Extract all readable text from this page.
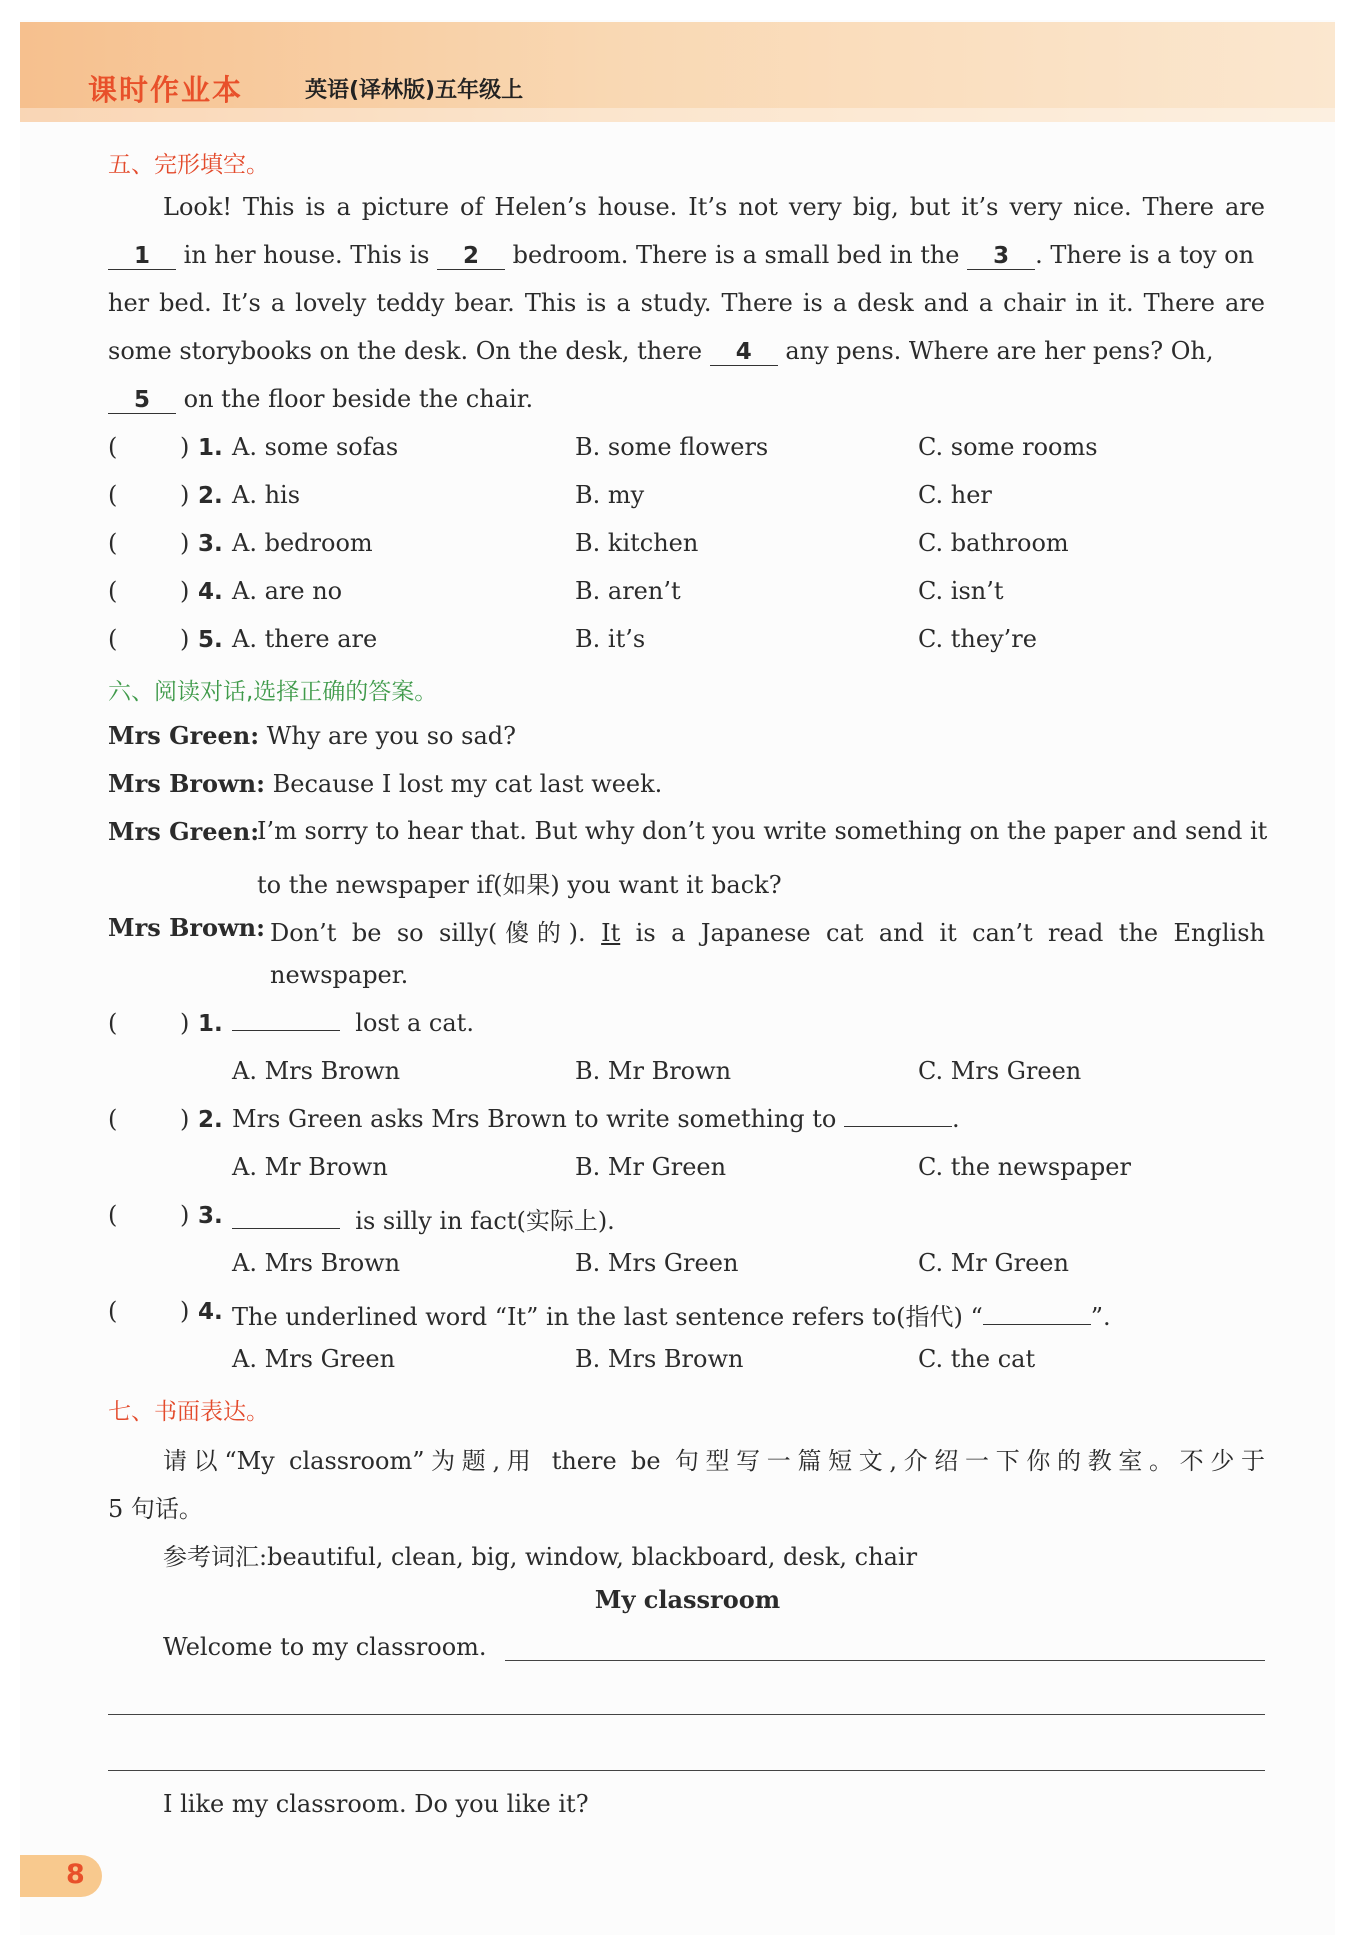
课时作业本	英语(译林版)五年级上
五、完形填空。
Look! This is a picture of Helen’s house. It’s not very big, but it’s very nice. There are
1 in her house. This is 2 bedroom. There is a small bed in the 3 . There is a toy on
her bed. It’s a lovely teddy bear. This is a study. There is a desk and a chair in it. There are
some storybooks on the desk. On the desk, there 4 any pens. Where are her pens? Oh,
5 on the floor beside the chair.
(	) 1. A. some sofas	B. some flowers	C. some rooms
(	) 2. A. his	B. my	C. her
(	) 3. A. bedroom	B. kitchen	C. bathroom
(	) 4. A. are no	B. aren’t	C. isn’t
(	) 5. A. there are	B. it’s	C. they’re
六、阅读对话,选择正确的答案。
Mrs Green: Why are you so sad?
Mrs Brown: Because I lost my cat last week.
Mrs Green:
I’m sorry to hear that. But why don’t you write something on the paper and send it
to the newspaper if(如果) you want it back?
Mrs Brown: Don’t be so silly(傻的). It is a Japanese cat and it can’t read the English
newspaper.
(	) 1.	lost a cat.
A. Mrs Brown	B. Mr Brown	C. Mrs Green
(	) 2. Mrs Green asks Mrs Brown to write something to	.
A. Mr Brown	B. Mr Green	C. the newspaper
(	) 3.	is silly in fact(实际上).
A. Mrs Brown	B. Mrs Green	C. Mr Green
(	) 4. The underlined word “It” in the last sentence refers to(指代) “	”.
A. Mrs Green	B. Mrs Brown	C. the cat
七、书面表达。
请以“My classroom”为题,用 there be 句型写一篇短文,介绍一下你的教室。不少于
5 句话。
参考词汇:beautiful, clean, big, window, blackboard, desk, chair
My classroom
Welcome to my classroom.
I like my classroom. Do you like it?
8
